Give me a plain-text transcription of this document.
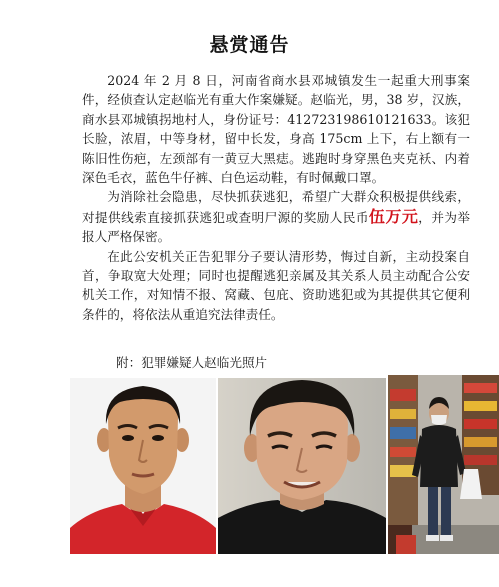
悬赏通告

2024 年 2 月 8 日，河南省商水县邓城镇发生一起重大刑事案件，经侦查认定赵临光有重大作案嫌疑。赵临光，男，38 岁，汉族，商水县邓城镇拐地村人，身份证号：412723198610121633。该犯长脸，浓眉，中等身材，留中长发，身高 175cm 上下，右上额有一陈旧性伤疤，左颈部有一黄豆大黑痣。逃跑时身穿黑色夹克袄、内着深色毛衣，蓝色牛仔裤、白色运动鞋，有时佩戴口罩。

为消除社会隐患，尽快抓获逃犯，希望广大群众积极提供线索，对提供线索直接抓获逃犯或查明尸源的奖励人民币伍万元，并为举报人严格保密。

在此公安机关正告犯罪分子要认清形势，悔过自新，主动投案自首，争取宽大处理；同时也提醒逃犯亲属及其关系人员主动配合公安机关工作，对知情不报、窝藏、包庇、资助逃犯或为其提供其它便利条件的，将依法从重追究法律责任。

附：犯罪嫌疑人赵临光照片
